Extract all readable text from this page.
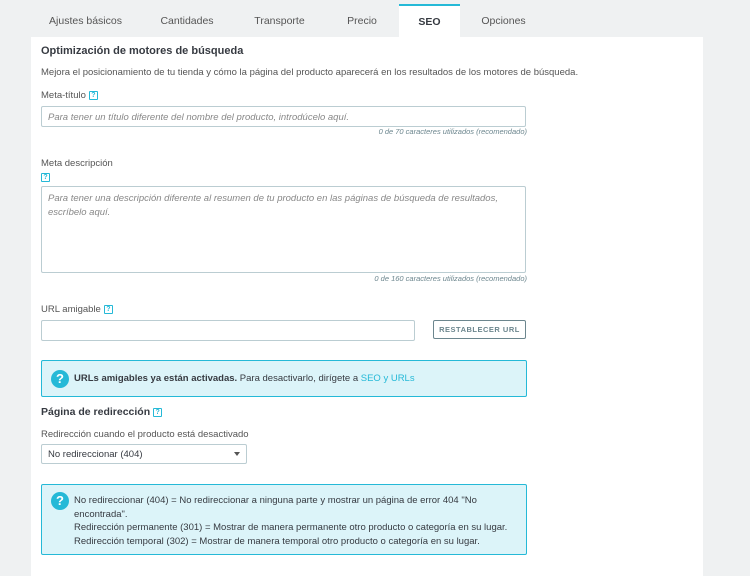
Ajustes básicos	Cantidades	Transporte	Precio	SEO	Opciones
Optimización de motores de búsqueda
Mejora el posicionamiento de tu tienda y cómo la página del producto aparecerá en los resultados de los motores de búsqueda.
Meta-título ?
Para tener un título diferente del nombre del producto, introdúcelo aquí.
0 de 70 caracteres utilizados (recomendado)
Meta descripción
?
Para tener una descripción diferente al resumen de tu producto en las páginas de búsqueda de resultados, escríbelo aquí.
0 de 160 caracteres utilizados (recomendado)
URL amigable ?
RESTABLECER URL
?	URLs amigables ya están activadas. Para desactivarlo, dirígete a SEO y URLs
Página de redirección ?
Redirección cuando el producto está desactivado
No redireccionar (404)
?	No redireccionar (404) = No redireccionar a ninguna parte y mostrar un página de error 404 "No
encontrada".
Redirección permanente (301) = Mostrar de manera permanente otro producto o categoría en su lugar.
Redirección temporal (302) = Mostrar de manera temporal otro producto o categoría en su lugar.
